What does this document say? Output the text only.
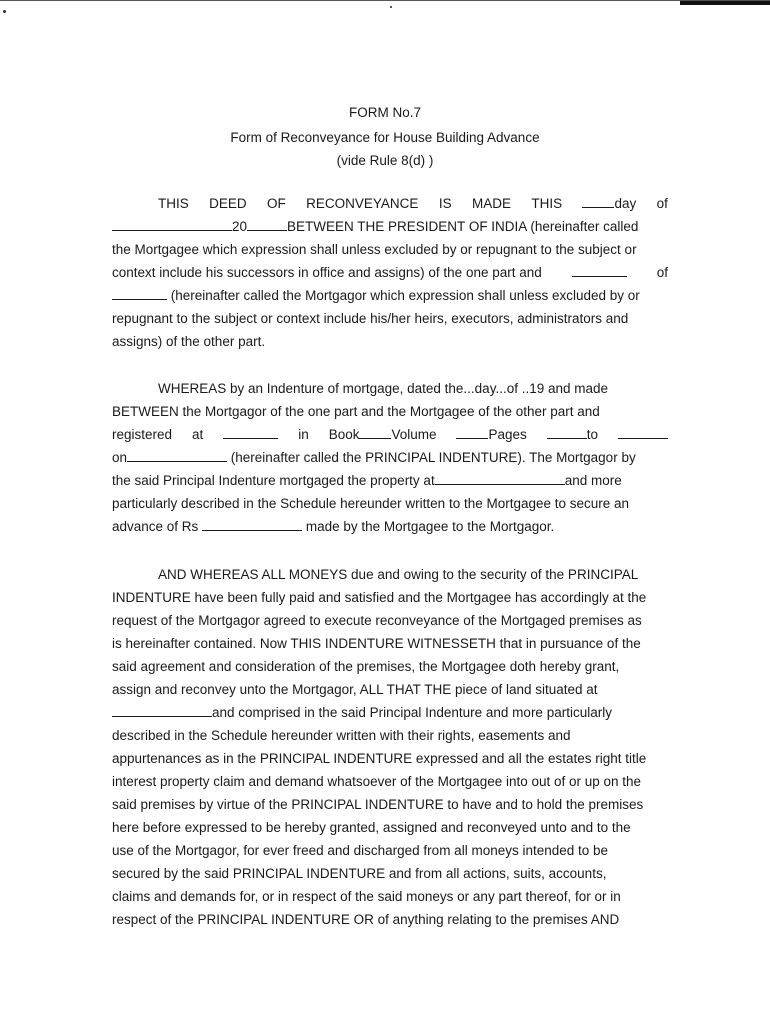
FORM No.7
Form of Reconveyance for House Building Advance
(vide Rule 8(d) )
THIS DEED OF RECONVEYANCE IS MADE THIS	day of
20	BETWEEN THE PRESIDENT OF INDIA (hereinafter called
the Mortgagee which expression shall unless excluded by or repugnant to the subject or
context include his successors in office and assigns) of the one part and	of
(hereinafter called the Mortgagor which expression shall unless excluded by or
repugnant to the subject or context include his/her heirs, executors, administrators and
assigns) of the other part.
WHEREAS by an Indenture of mortgage, dated the...day...of ..19 and made
BETWEEN the Mortgagor of the one part and the Mortgagee of the other part and
registered at	in Book Volume	Pages	to
on	(hereinafter called the PRINCIPAL INDENTURE). The Mortgagor by
the said Principal Indenture mortgaged the property at	and more
particularly described in the Schedule hereunder written to the Mortgagee to secure an
advance of Rs	made by the Mortgagee to the Mortgagor.
AND WHEREAS ALL MONEYS due and owing to the security of the PRINCIPAL
INDENTURE have been fully paid and satisfied and the Mortgagee has accordingly at the
request of the Mortgagor agreed to execute reconveyance of the Mortgaged premises as
is hereinafter contained. Now THIS INDENTURE WITNESSETH that in pursuance of the
said agreement and consideration of the premises, the Mortgagee doth hereby grant,
assign and reconvey unto the Mortgagor, ALL THAT THE piece of land situated at
and comprised in the said Principal Indenture and more particularly
described in the Schedule hereunder written with their rights, easements and
appurtenances as in the PRINCIPAL INDENTURE expressed and all the estates right title
interest property claim and demand whatsoever of the Mortgagee into out of or up on the
said premises by virtue of the PRINCIPAL INDENTURE to have and to hold the premises
here before expressed to be hereby granted, assigned and reconveyed unto and to the
use of the Mortgagor, for ever freed and discharged from all moneys intended to be
secured by the said PRINCIPAL INDENTURE and from all actions, suits, accounts,
claims and demands for, or in respect of the said moneys or any part thereof, for or in
respect of the PRINCIPAL INDENTURE OR of anything relating to the premises AND
